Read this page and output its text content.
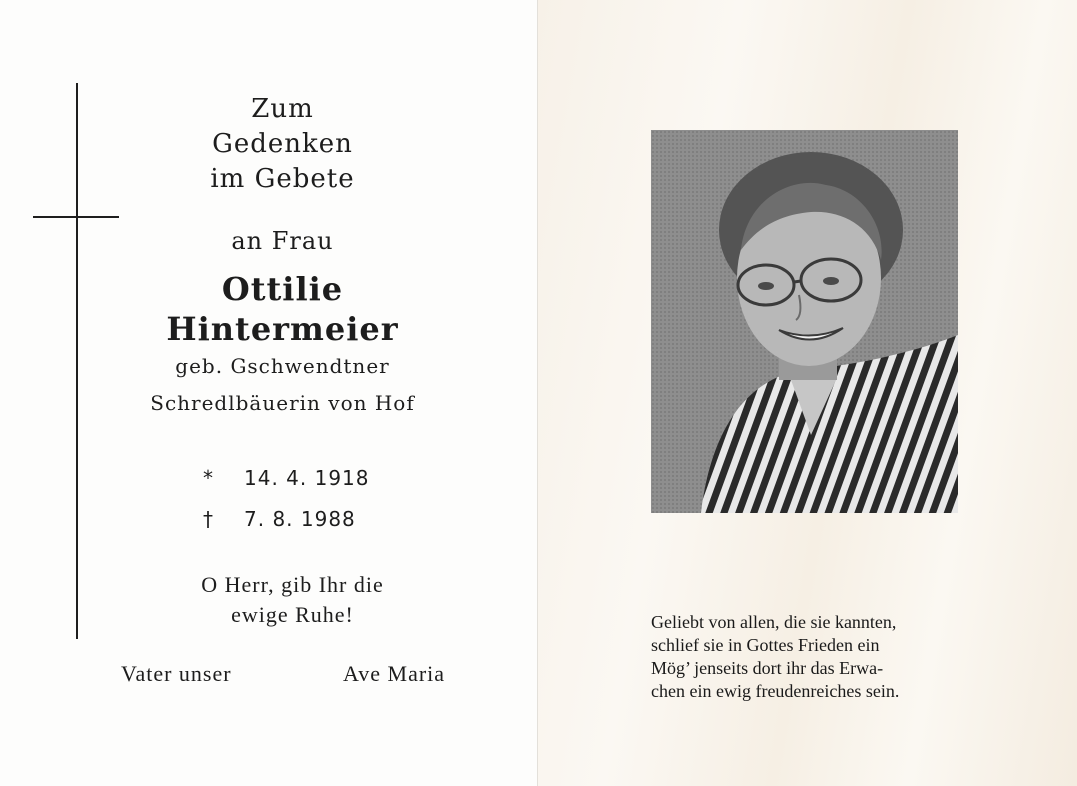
Zum
Gedenken
im Gebete
an Frau
Ottilie
Hintermeier
geb. Gschwendtner
Schredlbäuerin von Hof
* 14. 4. 1918
† 7. 8. 1988
O Herr, gib Ihr die
ewige Ruhe!
Vater unser	Ave Maria
Geliebt von allen, die sie kannten,
schlief sie in Gottes Frieden ein
Mög’ jenseits dort ihr das Erwa-
chen ein ewig freudenreiches sein.
